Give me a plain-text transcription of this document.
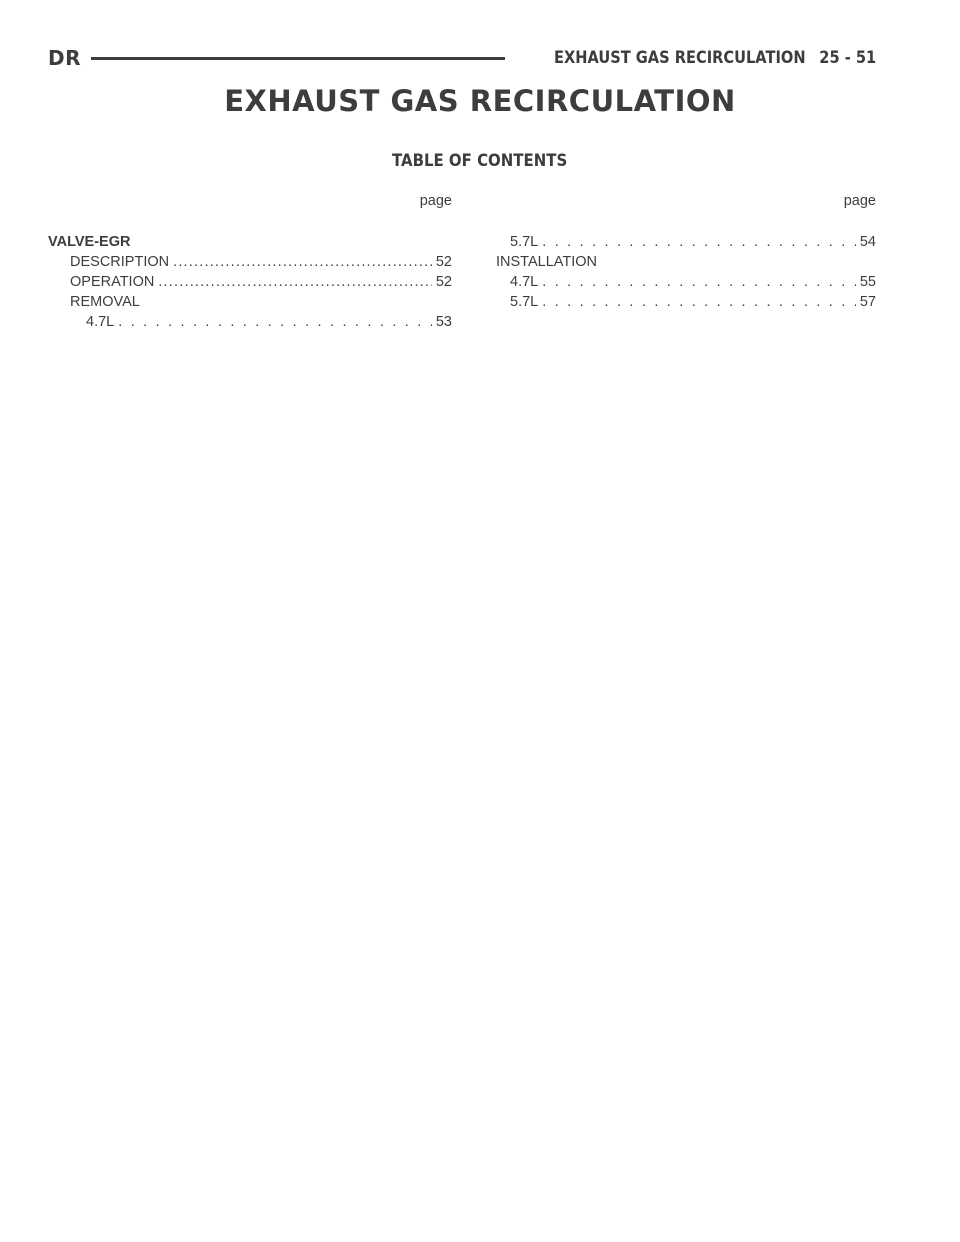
DR	EXHAUST GAS RECIRCULATION 25 - 51
EXHAUST GAS RECIRCULATION
TABLE OF CONTENTS
page
VALVE-EGR
DESCRIPTION .....	52
OPERATION .....	52
REMOVAL
4.7L . . .	53
page
5.7L . . .	54
INSTALLATION
4.7L . . .	55
5.7L . . .	57
